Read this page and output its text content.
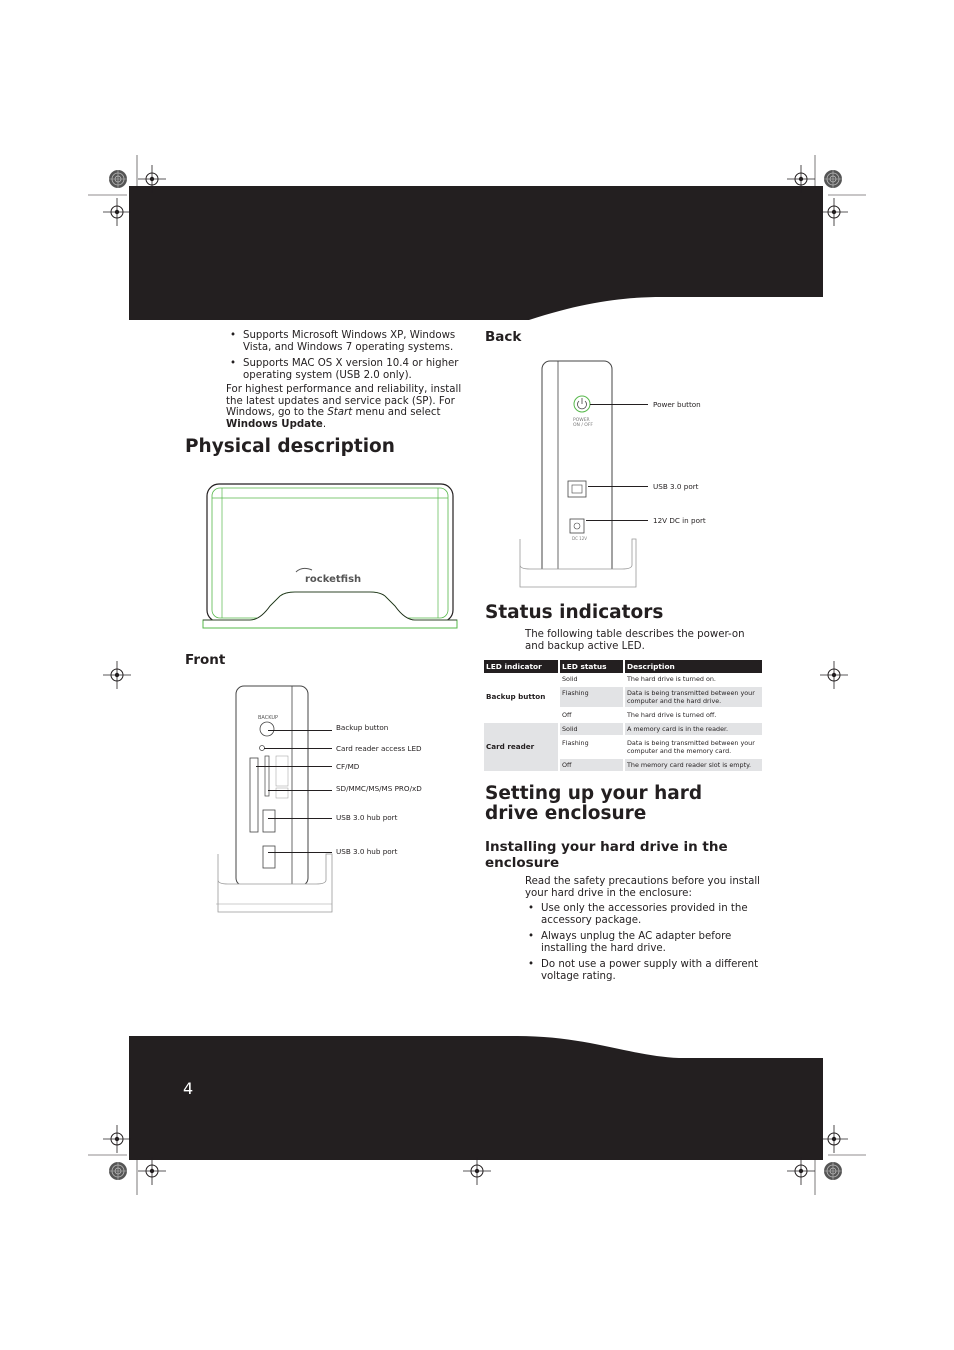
4
• Supports Microsoft Windows XP, Windows Vista, and Windows 7 operating systems.
• Supports MAC OS X version 10.4 or higher operating system (USB 2.0 only).

For highest performance and reliability, install the latest updates and service pack (SP). For Windows, go to the Start menu and select Windows Update.

Physical description
rocketfish
Front
BACKUP
Backup button
Card reader access LED
CF/MD
SD/MMC/MS/MS PRO/xD
USB 3.0 hub port
USB 3.0 hub port
Back
POWER
ON / OFF
DC 12V
Power button
USB 3.0 port
12V DC in port
Status indicators

The following table describes the power-on and backup active LED.

LED indicator	LED status	Description
Backup button	Solid	The hard drive is turned on.
	Flashing	Data is being transmitted between your computer and the hard drive.
	Off	The hard drive is turned off.
Card reader	Solid	A memory card is in the reader.
	Flashing	Data is being transmitted between your computer and the memory card.
	Off	The memory card reader slot is empty.
Setting up your hard drive enclosure
Installing your hard drive in the enclosure

Read the safety precautions before you install your hard drive in the enclosure:

• Use only the accessories provided in the accessory package.
• Always unplug the AC adapter before installing the hard drive.
• Do not use a power supply with a different voltage rating.
